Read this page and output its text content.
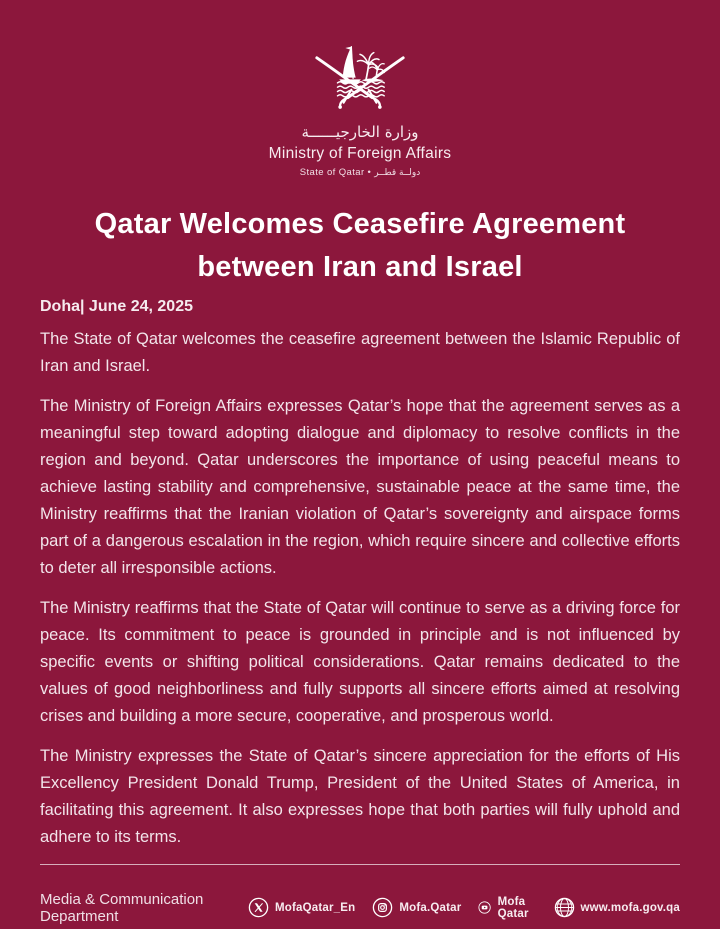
وزارة الخارجيــــــة
Ministry of Foreign Affairs
State of Qatar • دولــة قطــر
Qatar Welcomes Ceasefire Agreement
between Iran and Israel
Doha| June 24, 2025

The State of Qatar welcomes the ceasefire agreement between the Islamic Republic of Iran and Israel.

The Ministry of Foreign Affairs expresses Qatar’s hope that the agreement serves as a meaningful step toward adopting dialogue and diplomacy to resolve conflicts in the region and beyond. Qatar underscores the importance of using peaceful means to achieve lasting stability and comprehensive, sustainable peace at the same time, the Ministry reaffirms that the Iranian violation of Qatar’s sovereignty and airspace forms part of a dangerous escalation in the region, which require sincere and collective efforts to deter all irresponsible actions.

The Ministry reaffirms that the State of Qatar will continue to serve as a driving force for peace. Its commitment to peace is grounded in principle and is not influenced by specific events or shifting political considerations. Qatar remains dedicated to the values of good neighborliness and fully supports all sincere efforts aimed at resolving crises and building a more secure, cooperative, and prosperous world.

The Ministry expresses the State of Qatar’s sincere appreciation for the efforts of His Excellency President Donald Trump, President of the United States of America, in facilitating this agreement. It also expresses hope that both parties will fully uphold and adhere to its terms.

Media & Communication Department	MofaQatar_En	Mofa.Qatar	Mofa Qatar	www.mofa.gov.qa
